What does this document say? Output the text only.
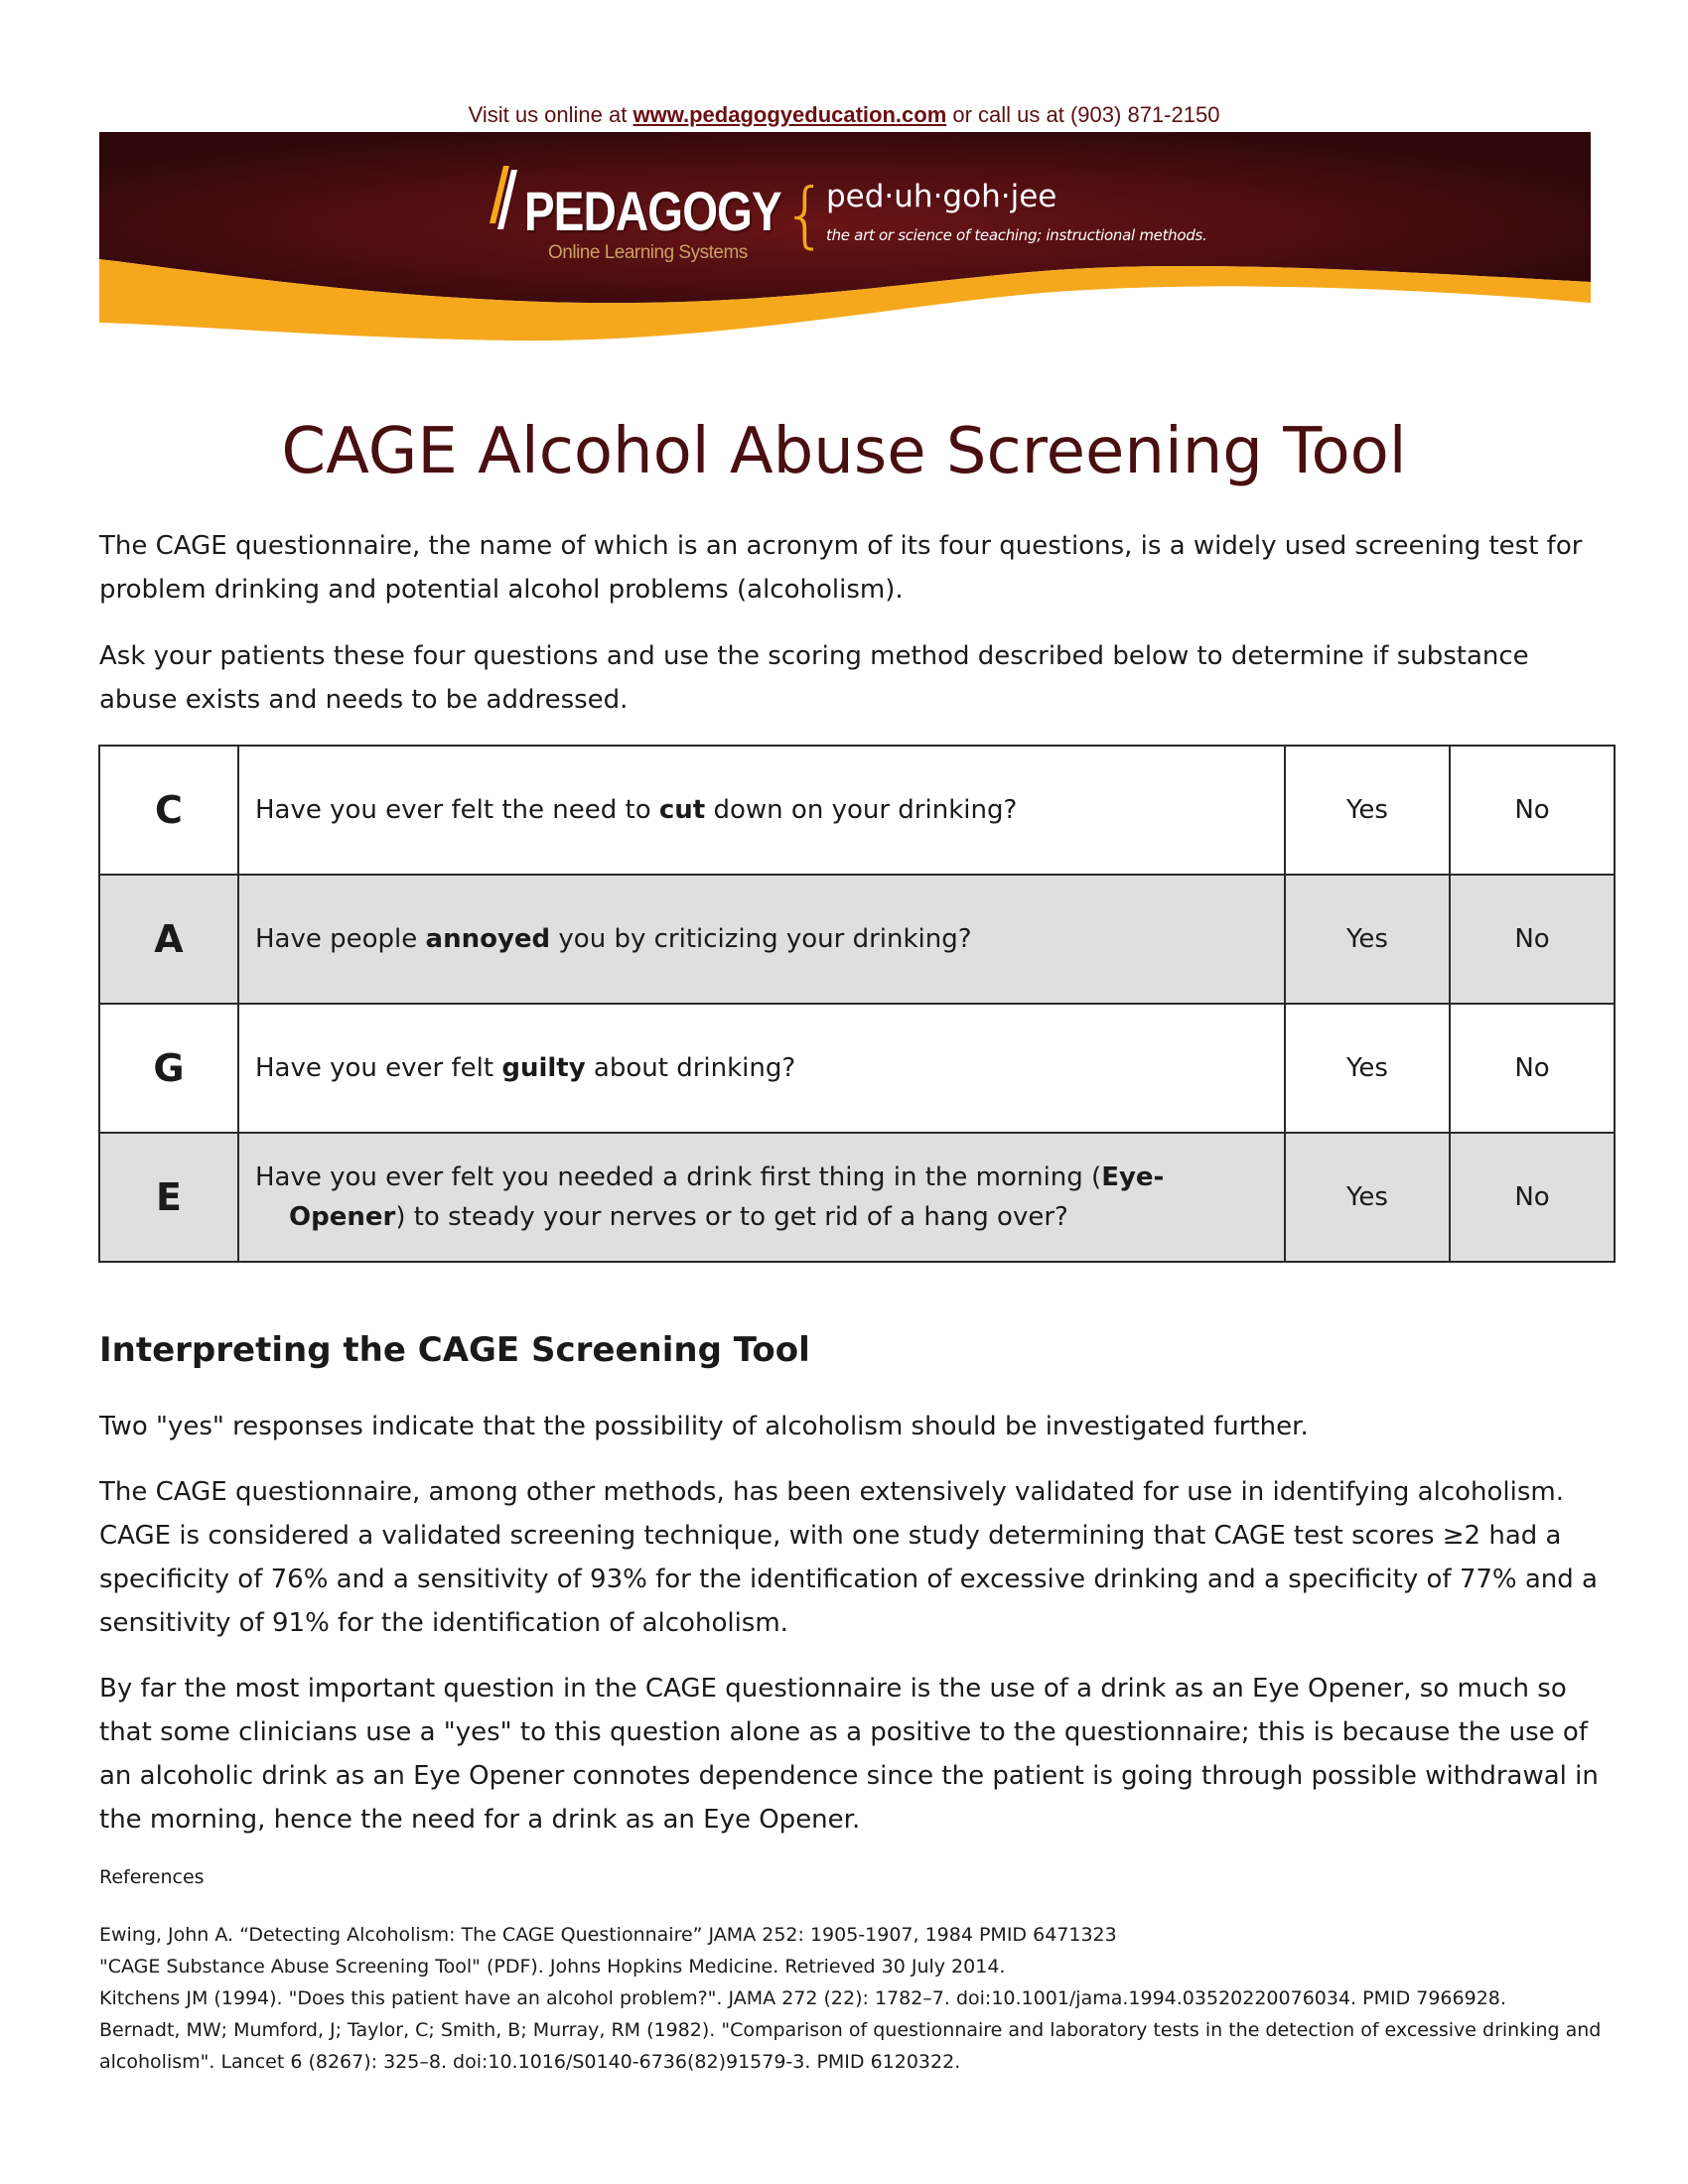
Visit us online at www.pedagogyeducation.com or call us at (903) 871-2150
PEDAGOGY
Online Learning Systems {
ped·uh·goh·jee
the art or science of teaching; instructional methods.
CAGE Alcohol Abuse Screening Tool
The CAGE questionnaire, the name of which is an acronym of its four questions, is a widely used screening test for problem drinking and potential alcohol problems (alcoholism).
Ask your patients these four questions and use the scoring method described below to determine if substance abuse exists and needs to be addressed.
C	Have you ever felt the need to cut down on your drinking?	Yes	No
A	Have people annoyed you by criticizing your drinking?	Yes	No
G	Have you ever felt guilty about drinking?	Yes	No
E	Have you ever felt you needed a drink first thing in the morning (Eye-
Opener) to steady your nerves or to get rid of a hang over?	Yes	No
Interpreting the CAGE Screening Tool
Two "yes" responses indicate that the possibility of alcoholism should be investigated further.
The CAGE questionnaire, among other methods, has been extensively validated for use in identifying alcoholism. CAGE is considered a validated screening technique, with one study determining that CAGE test scores ≥2 had a specificity of 76% and a sensitivity of 93% for the identification of excessive drinking and a specificity of 77% and a sensitivity of 91% for the identification of alcoholism.
By far the most important question in the CAGE questionnaire is the use of a drink as an Eye Opener, so much so that some clinicians use a "yes" to this question alone as a positive to the questionnaire; this is because the use of an alcoholic drink as an Eye Opener connotes dependence since the patient is going through possible withdrawal in the morning, hence the need for a drink as an Eye Opener.
References
Ewing, John A. “Detecting Alcoholism: The CAGE Questionnaire” JAMA 252: 1905-1907, 1984 PMID 6471323
"CAGE Substance Abuse Screening Tool" (PDF). Johns Hopkins Medicine. Retrieved 30 July 2014.
Kitchens JM (1994). "Does this patient have an alcohol problem?". JAMA 272 (22): 1782–7. doi:10.1001/jama.1994.03520220076034. PMID 7966928.
Bernadt, MW; Mumford, J; Taylor, C; Smith, B; Murray, RM (1982). "Comparison of questionnaire and laboratory tests in the detection of excessive drinking and alcoholism". Lancet 6 (8267): 325–8. doi:10.1016/S0140-6736(82)91579-3. PMID 6120322.
